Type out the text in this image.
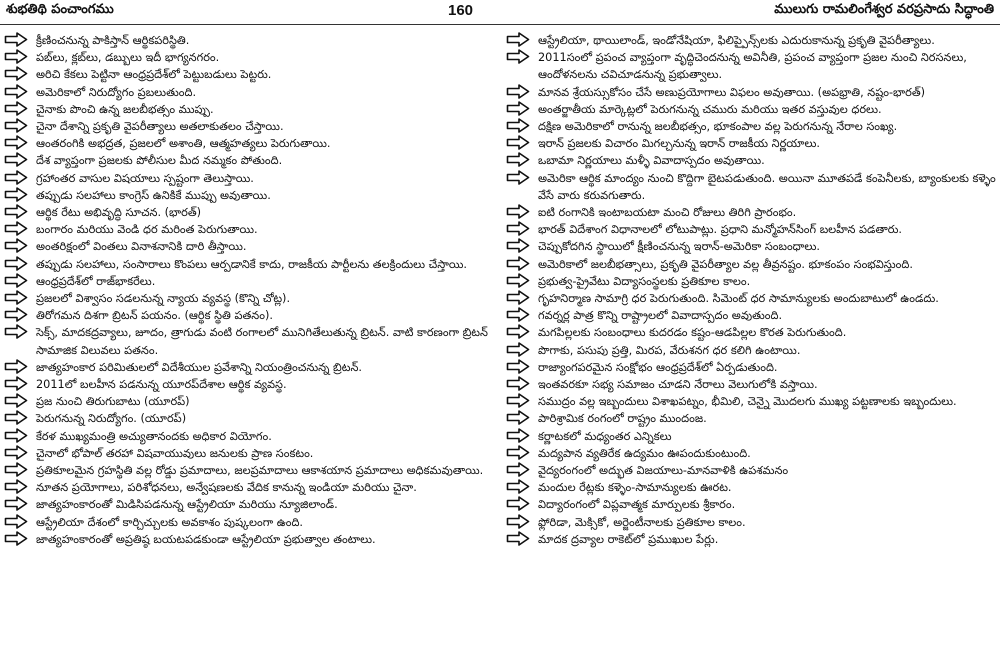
శుభతిథి పంచాంగము	160	ములుగు రామలింగేశ్వర వరప్రసాదు సిద్ధాంతి

క్రీణించనున్న పాకిస్తాన్ ఆర్థికపరిస్థితి.

పబ్‌లు, క్లబ్‌లు, డబ్బులు ఇదీ భాగ్యనగరం.

అరిచి కేకలు పెట్టినా ఆంధ్రప్రదేశ్‌లో పెట్టుబడులు పెట్టరు.

అమెరికాలో నిరుద్యోగం ప్రబలుతుంది.

చైనాకు పొంచి ఉన్న జలబీభత్సం ముప్పు.

చైనా దేశాన్ని ప్రకృతి వైపరీత్యాలు అతలాకుతలం చేస్తాయి.

ఆంతరంగికి అభద్రత, ప్రజలలో అశాంతి, ఆత్మహత్యలు పెరుగుతాయి.

దేశ వ్యాప్తంగా ప్రజలకు పోలీసుల మీద నమ్మకం పోతుంది.

గ్రహాంతర వాసుల విషయాలు స్పష్టంగా తెలుస్తాయి.

తప్పుడు సలహాలు కాంగ్రెస్ ఉనికికే ముప్పు అవుతాయి.

ఆర్థిక రేటు అభివృద్ధి సూచన. (భారత్)

బంగారం మరియు వెండి ధర మరింత పెరుగుతాయి.

అంతరిక్షంలో వింతలు వినాశనానికి దారి తీస్తాయి.

తప్పుడు సలహాలు, సంసారాలు కొంపలు ఆర్పడానికే కాదు, రాజకీయ పార్టీలను తలక్రిందులు చేస్తాయి.

ఆంధ్రప్రదేశ్‌లో రాజ్‌భాకరేలు.

ప్రజలలో విశ్వాసం సడలనున్న న్యాయ వ్యవస్థ (కొన్ని చోట్ల).

తిరోగమన దిశగా బ్రిటన్ పయనం. (ఆర్థిక స్థితి పతనం).

సెక్స్, మాదకద్రవ్యాలు, జూదం, త్రాగుడు వంటి రంగాలలో మునిగితేలుతున్న బ్రిటన్. వాటి కారణంగా బ్రిటన్ సామాజిక విలువలు పతనం.

జాత్యహంకార పరిమితులలో విదేశీయుల ప్రవేశాన్ని నియంత్రించనున్న బ్రిటన్.

2011లో బలహీన పడనున్న యూరప్‌దేశాల ఆర్థిక వ్యవస్థ.

ప్రజ నుంచి తిరుగుబాటు (యూరప్)

పెరుగనున్న నిరుద్యోగం. (యూరప్)

కేరళ ముఖ్యమంత్రి అచ్యుతానందకు అధికార వియోగం.

చైనాలో భోపాల్ తరహా విషవాయువులు జనులకు ప్రాణ సంకటం.

ప్రతికూలమైన గ్రహస్థితి వల్ల రోడ్డు ప్రమాదాలు, జలప్రమాదాలు ఆకాశయాన ప్రమాదాలు అధికమవుతాయి.

నూతన ప్రయోగాలు, పరిశోధనలు, అన్వేషణలకు వేదిక కానున్న ఇండియా మరియు చైనా.

జాత్యహంకారంతో మిడిసిపడనున్న ఆస్ట్రేలియా మరియు న్యూజిలాండ్.

ఆస్ట్రేలియా దేశంలో కార్చిచ్చులకు అవకాశం పుష్కలంగా ఉంది.

జాత్యహంకారంతో అప్రతిష్ఠ బయటపడకుండా ఆస్ట్రేలియా ప్రభుత్వాల తంటాలు.

ఆస్ట్రేలియా, థాయిలాండ్, ఇండోనేషియా, ఫిలిప్పైన్స్‌లకు ఎదురుకానున్న ప్రకృతి వైపరీత్యాలు.

2011సంలో ప్రపంచ వ్యాప్తంగా వృద్ధిచెందనున్న అవినీతి, ప్రపంచ వ్యాప్తంగా ప్రజల నుంచి నిరసనలు, ఆందోళనలను చవిచూడనున్న ప్రభుత్వాలు.

మానవ శ్రేయస్సుకోసం చేసే అణుప్రయోగాలు విఫలం అవుతాయి. (అపభ్రాతి, నష్టం-భారత్)

అంతర్జాతీయ మార్కెట్లలో పెరుగనున్న చమురు మరియు ఇతర వస్తువుల ధరలు.

దక్షిణ అమెరికాలో రానున్న జలబీభత్సం, భూకంపాల వల్ల పెరుగనున్న నేరాల సంఖ్య.

ఇరాన్ ప్రజలకు విచారం మిగల్చనున్న ఇరాన్ రాజకీయ నిర్ణయాలు.

ఒబామా నిర్ణయాలు మళ్ళీ వివాదాస్పదం అవుతాయి.

అమెరికా ఆర్థిక మాంద్యం నుంచి కొద్దిగా బైటపడుతుంది. అయినా మూతపడే కంపెనీలకు, బ్యాంకులకు కళ్ళెం వేసే వారు కరువగుతారు.

ఐటి రంగానికి ఇంటాబయటా మంచి రోజులు తిరిగి ప్రారంభం.

భారత్ విదేశాంగ విధానాలలో లోటుపాట్లు. ప్రధాని మన్మోహన్‌సింగ్ బలహీన పడతారు.

చెప్పుకోదగిన స్థాయిలో క్షీణించనున్న ఇరాన్-అమెరికా సంబంధాలు.

అమెరికాలో జలబీభత్సాలు, ప్రకృతి వైపరీత్యాల వల్ల తీవ్రనష్టం. భూకంపం సంభవిస్తుంది.

ప్రభుత్వ-ప్రైవేటు విద్యాసంస్థలకు ప్రతికూల కాలం.

గృహనిర్మాణ సామాగ్రి ధర పెరుగుతుంది. సిమెంట్ ధర సామాన్యులకు అందుబాటులో ఉండదు.

గవర్నర్ల పాత్ర కొన్ని రాష్ట్రాలలో వివాదాస్పదం అవుతుంది.

మగపిల్లలకు సంబంధాలు కుదరడం కష్టం-ఆడపిల్లల కొరత పెరుగుతుంది.

పొగాకు, పసుపు ప్రత్తి, మిరప, వేరుశనగ ధర కలిగి ఉంటాయి.

రాజ్యాంగపరమైన సంక్షోభం ఆంధ్రప్రదేశ్‌లో ఏర్పడుతుంది.

ఇంతవరకూ సభ్య సమాజం చూడని నేరాలు వెలుగులోకి వస్తాయి.

సముద్రం వల్ల ఇబ్బందులు విశాఖపట్నం, భీమిలి, చెన్నై మొదలగు ముఖ్య పట్టణాలకు ఇబ్బందులు.

పారిశ్రామిక రంగంలో రాష్ట్రం ముందంజ.

కర్ణాటకలో మధ్యంతర ఎన్నికలు

మద్యపాన వ్యతిరేక ఉద్యమం ఊపందుకుంటుంది.

వైద్యరంగంలో అద్భుత విజయాలు-మానవాళికి ఉపశమనం

మందుల రేట్లకు కళ్ళెం-సామాన్యులకు ఊరట.

విద్యారంగంలో విప్లవాత్మక మార్పులకు శ్రీకారం.

ఫ్లోరిడా, మెక్సికో, అర్జెంటీనాలకు ప్రతికూల కాలం.

మాదక ద్రవ్యాల రాకెట్‌లో ప్రముఖుల పేర్లు.
